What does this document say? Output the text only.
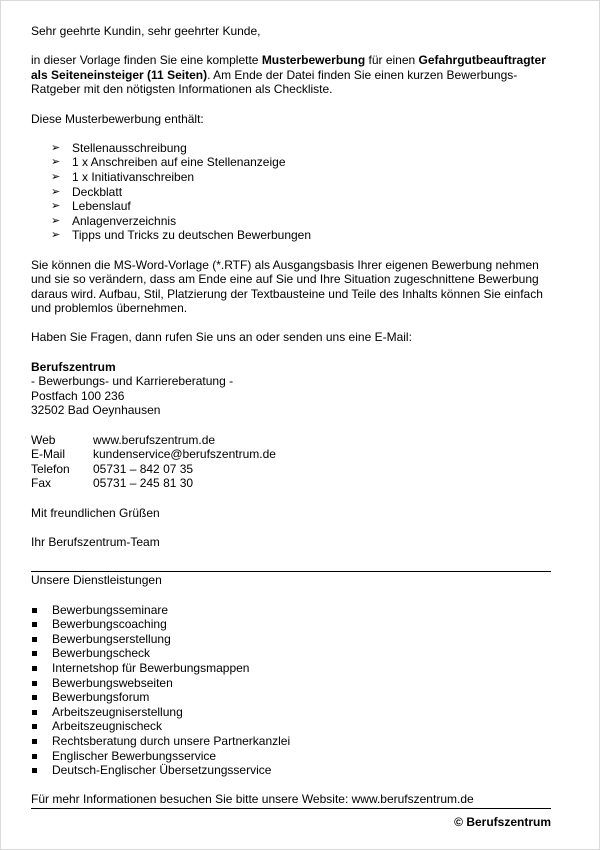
Sehr geehrte Kundin, sehr geehrter Kunde,

in dieser Vorlage finden Sie eine komplette Musterbewerbung für einen Gefahrgutbeauftragter als Seiteneinsteiger (11 Seiten). Am Ende der Datei finden Sie einen kurzen Bewerbungs-Ratgeber mit den nötigsten Informationen als Checkliste.

Diese Musterbewerbung enthält:

➢ Stellenausschreibung
➢ 1 x Anschreiben auf eine Stellenanzeige
➢ 1 x Initiativanschreiben
➢ Deckblatt
➢ Lebenslauf
➢ Anlagenverzeichnis
➢ Tipps und Tricks zu deutschen Bewerbungen

Sie können die MS-Word-Vorlage (*.RTF) als Ausgangsbasis Ihrer eigenen Bewerbung nehmen und sie so verändern, dass am Ende eine auf Sie und Ihre Situation zugeschnittene Bewerbung daraus wird. Aufbau, Stil, Platzierung der Textbausteine und Teile des Inhalts können Sie einfach und problemlos übernehmen.

Haben Sie Fragen, dann rufen Sie uns an oder senden uns eine E-Mail:

Berufszentrum

- Bewerbungs- und Karriereberatung -

Postfach 100 236

32502 Bad Oeynhausen

Web	www.berufszentrum.de
E-Mail	kundenservice@berufszentrum.de
Telefon	05731 – 842 07 35
Fax	05731 – 245 81 30

Mit freundlichen Grüßen

Ihr Berufszentrum-Team

Unsere Dienstleistungen

Bewerbungsseminare
Bewerbungscoaching
Bewerbungserstellung
Bewerbungscheck
Internetshop für Bewerbungsmappen
Bewerbungswebseiten
Bewerbungsforum
Arbeitszeugniserstellung
Arbeitszeugnischeck
Rechtsberatung durch unsere Partnerkanzlei
Englischer Bewerbungsservice
Deutsch-Englischer Übersetzungsservice

Für mehr Informationen besuchen Sie bitte unsere Website: www.berufszentrum.de

© Berufszentrum
